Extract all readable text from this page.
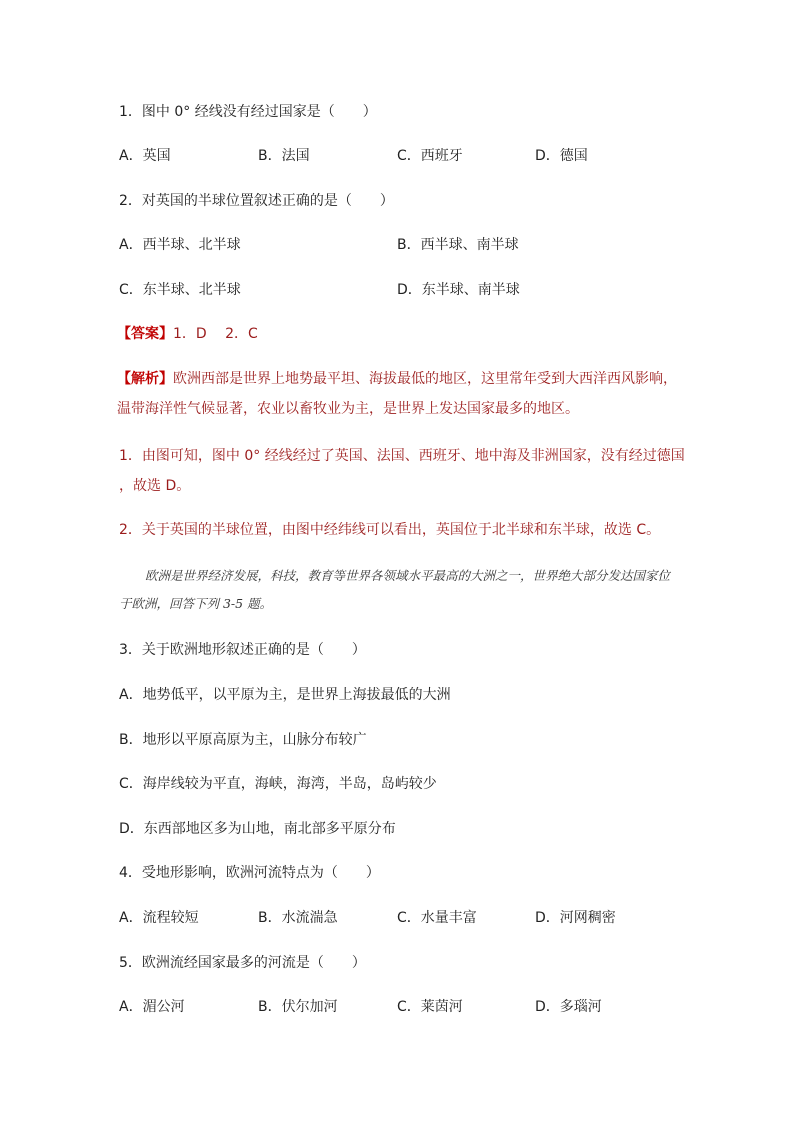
1．图中 0° 经线没有经过国家是（　　）
A．英国	B．法国	C．西班牙	D．德国
2．对英国的半球位置叙述正确的是（　　）
A．西半球、北半球	B．西半球、南半球
C．东半球、北半球	D．东半球、南半球
【答案】1．D　 2．C
【解析】欧洲西部是世界上地势最平坦、海拔最低的地区，这里常年受到大西洋西风影响，温带海洋性气候显著，农业以畜牧业为主，是世界上发达国家最多的地区。
1．由图可知，图中 0° 经线经过了英国、法国、西班牙、地中海及非洲国家，没有经过德国
，故选 D。
2．关于英国的半球位置，由图中经纬线可以看出，英国位于北半球和东半球，故选 C。
欧洲是世界经济发展，科技，教育等世界各领域水平最高的大洲之一，世界绝大部分发达国家位于欧洲，回答下列 3-5 题。
3．关于欧洲地形叙述正确的是（　　）
A．地势低平，以平原为主，是世界上海拔最低的大洲
B．地形以平原高原为主，山脉分布较广
C．海岸线较为平直，海峡，海湾，半岛，岛屿较少
D．东西部地区多为山地，南北部多平原分布
4．受地形影响，欧洲河流特点为（　　）
A．流程较短	B．水流湍急	C．水量丰富	D．河网稠密
5．欧洲流经国家最多的河流是（　　）
A．湄公河	B．伏尔加河	C．莱茵河	D．多瑙河
